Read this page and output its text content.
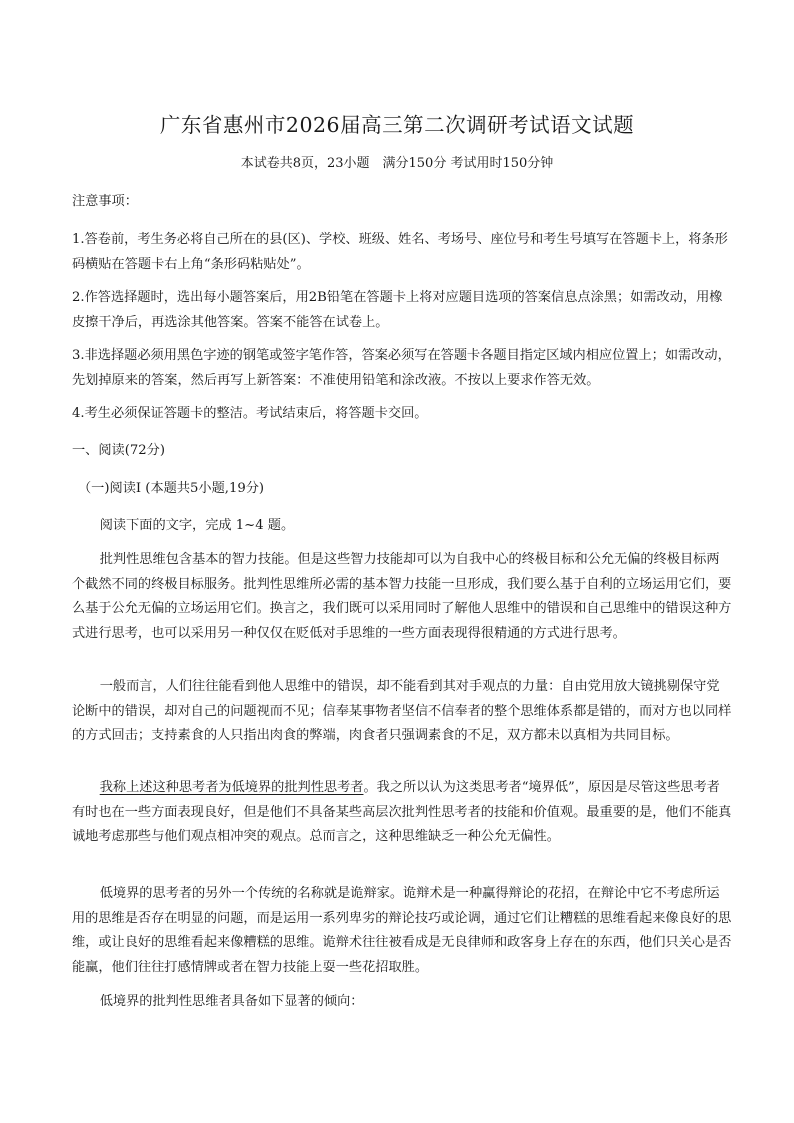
广东省惠州市2026届高三第二次调研考试语文试题
本试卷共8页，23小题　满分150分 考试用时150分钟

注意事项：

1.答卷前，考生务必将自己所在的县(区)、学校、班级、姓名、考场号、座位号和考生号填写在答题卡上，将条形码横贴在答题卡右上角“条形码粘贴处”。

2.作答选择题时，选出每小题答案后，用2B铅笔在答题卡上将对应题目选项的答案信息点涂黑；如需改动，用橡皮擦干净后，再选涂其他答案。答案不能答在试卷上。

3.非选择题必须用黑色字迹的钢笔或签字笔作答，答案必须写在答题卡各题目指定区域内相应位置上；如需改动，先划掉原来的答案，然后再写上新答案：不准使用铅笔和涂改液。不按以上要求作答无效。

4.考生必须保证答题卡的整洁。考试结束后，将答题卡交回。

一、阅读(72分)

（一)阅读Ⅰ (本题共5小题,19分)

阅读下面的文字，完成 1~4 题。

批判性思维包含基本的智力技能。但是这些智力技能却可以为自我中心的终极目标和公允无偏的终极目标两个截然不同的终极目标服务。批判性思维所必需的基本智力技能一旦形成，我们要么基于自利的立场运用它们，要么基于公允无偏的立场运用它们。换言之，我们既可以采用同时了解他人思维中的错误和自己思维中的错误这种方式进行思考，也可以采用另一种仅仅在贬低对手思维的一些方面表现得很精通的方式进行思考。

一般而言，人们往往能看到他人思维中的错误，却不能看到其对手观点的力量：自由党用放大镜挑剔保守党论断中的错误，却对自己的问题视而不见；信奉某事物者坚信不信奉者的整个思维体系都是错的，而对方也以同样的方式回击；支持素食的人只指出肉食的弊端，肉食者只强调素食的不足，双方都未以真相为共同目标。

我称上述这种思考者为低境界的批判性思考者。我之所以认为这类思考者“境界低”，原因是尽管这些思考者有时也在一些方面表现良好，但是他们不具备某些高层次批判性思考者的技能和价值观。最重要的是，他们不能真诚地考虑那些与他们观点相冲突的观点。总而言之，这种思维缺乏一种公允无偏性。

低境界的思考者的另外一个传统的名称就是诡辩家。诡辩术是一种赢得辩论的花招，在辩论中它不考虑所运用的思维是否存在明显的问题，而是运用一系列卑劣的辩论技巧或论调，通过它们让糟糕的思维看起来像良好的思维，或让良好的思维看起来像糟糕的思维。诡辩术往往被看成是无良律师和政客身上存在的东西，他们只关心是否能赢，他们往往打感情牌或者在智力技能上耍一些花招取胜。

低境界的批判性思维者具备如下显著的倾向：
